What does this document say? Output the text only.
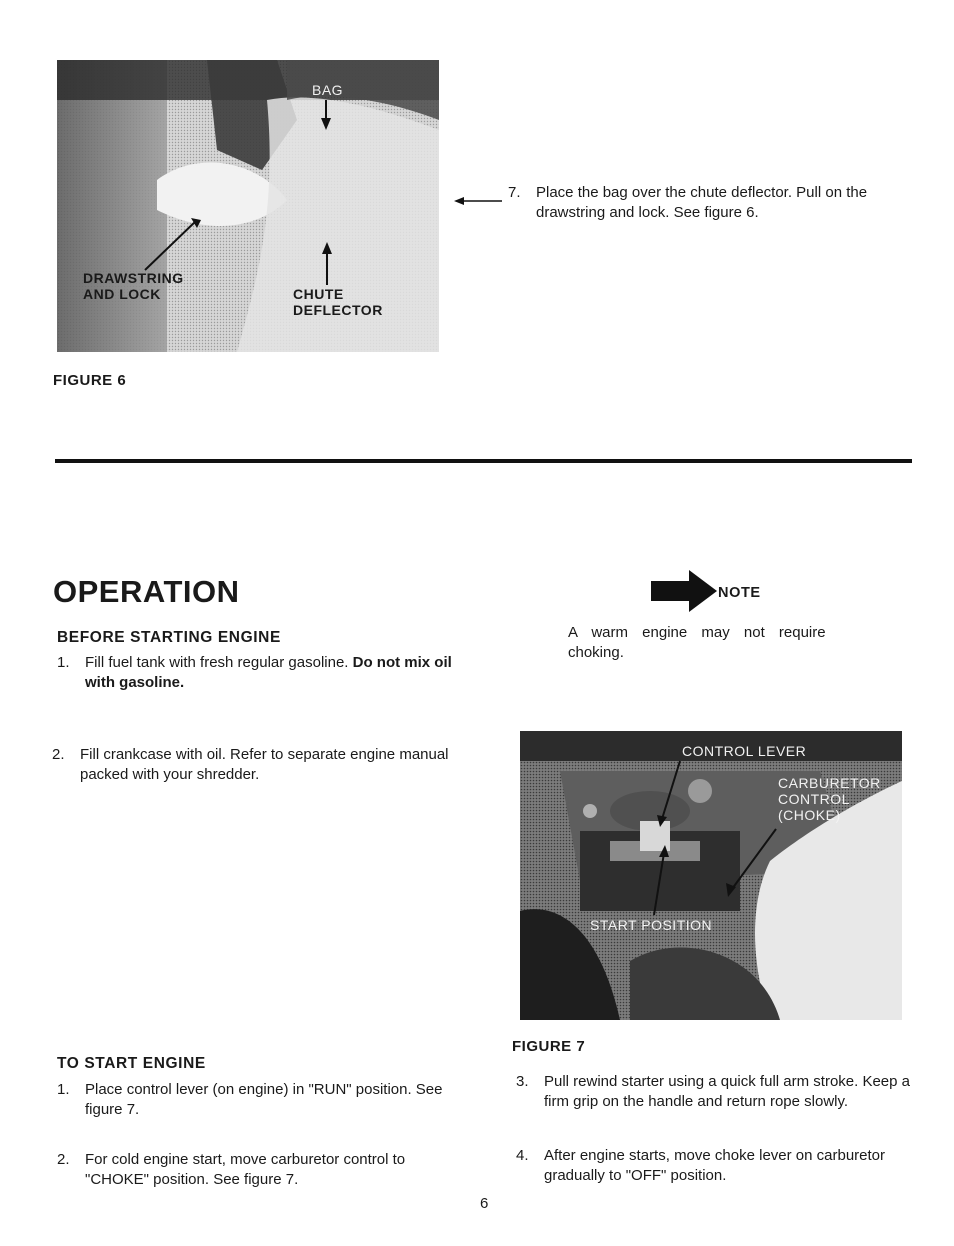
BAG
DRAWSTRING
AND LOCK	CHUTE
DEFLECTOR
FIGURE 6
7. Place the bag over the chute deflector. Pull on the drawstring and lock. See figure 6.
OPERATION
BEFORE STARTING ENGINE
1. Fill fuel tank with fresh regular gasoline. Do not mix oil with gasoline.
2. Fill crankcase with oil. Refer to separate engine manual packed with your shredder.
NOTE
A warm engine may not require choking.
CONTROL LEVER
CARBURETOR
CONTROL
(CHOKE)
START POSITION
FIGURE 7
TO START ENGINE
1. Place control lever (on engine) in "RUN" position. See figure 7.
2. For cold engine start, move carburetor control to "CHOKE" position. See figure 7.
3. Pull rewind starter using a quick full arm stroke. Keep a firm grip on the handle and return rope slowly.
4. After engine starts, move choke lever on carburetor gradually to "OFF" position.
6
